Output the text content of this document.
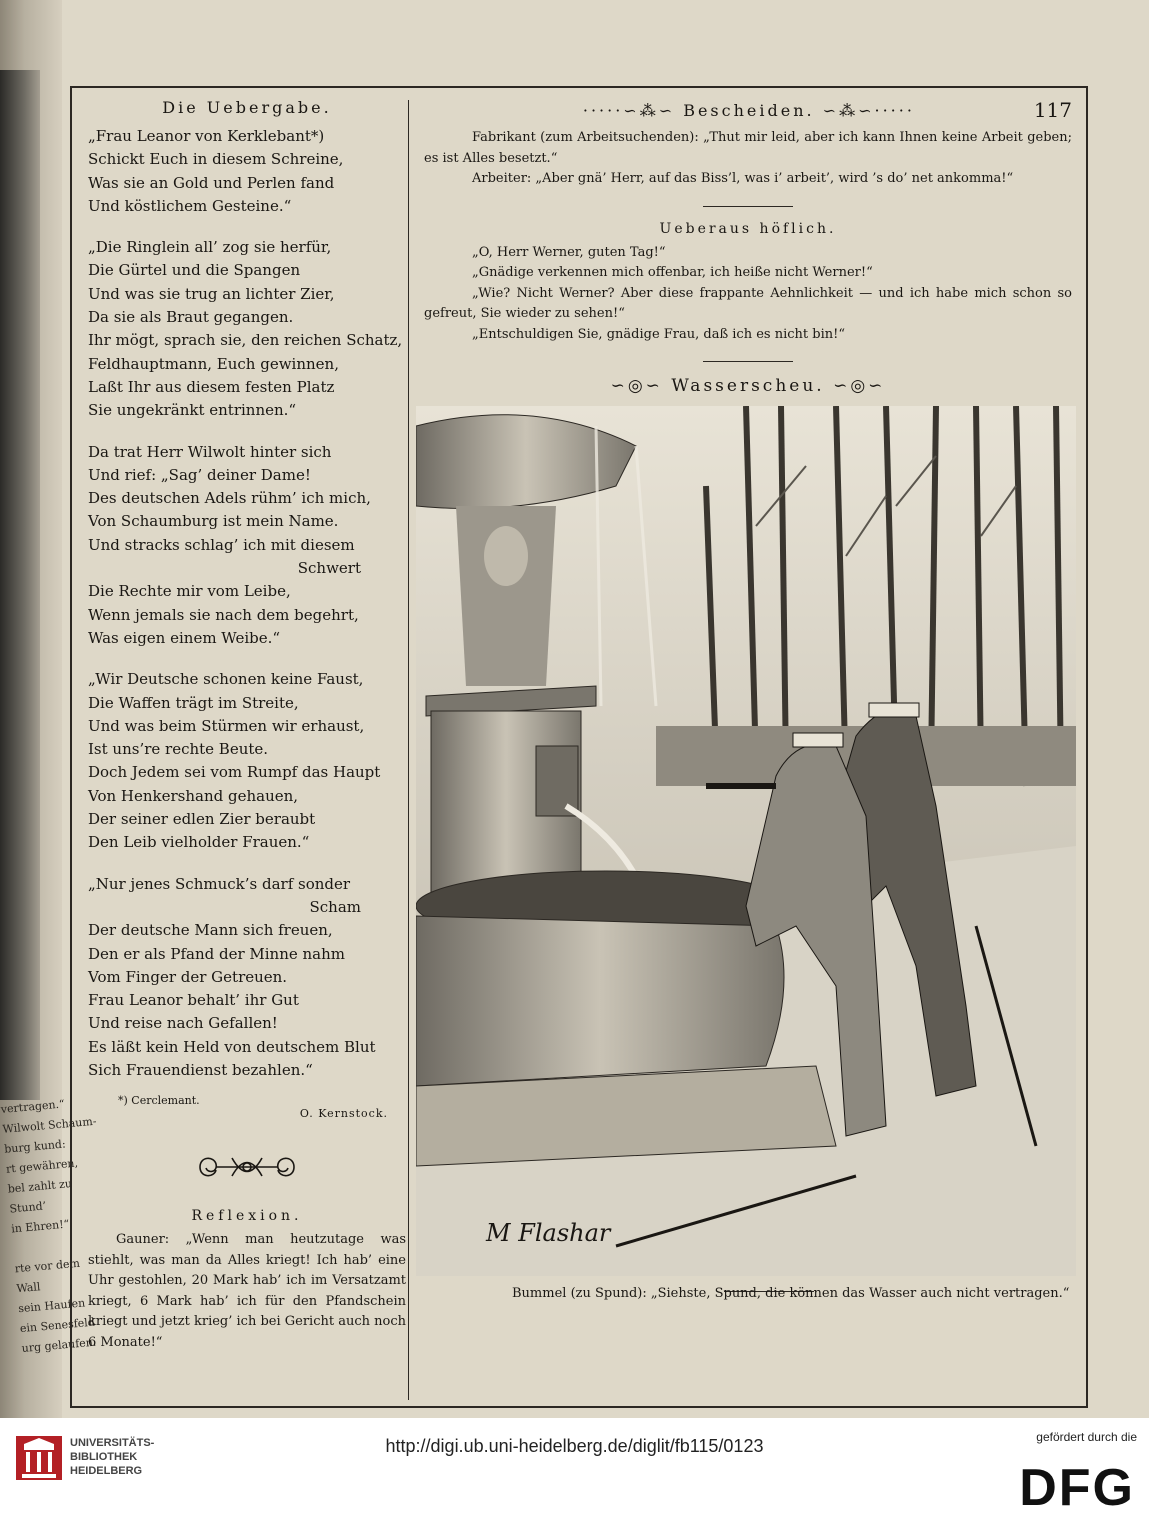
vertragen.“
Wilwolt Schaum-
burg kund:
rt gewähren,
bel zahlt zu
Stund’
in Ehren!“

rte vor dem
Wall
sein Haufen
ein Senesfeld
urg gelaufen.
Die Uebergabe.
„Frau Leanor von Kerklebant*)
Schickt Euch in diesem Schreine,
Was sie an Gold und Perlen fand
Und köstlichem Gesteine.“
„Die Ringlein all’ zog sie herfür,
Die Gürtel und die Spangen
Und was sie trug an lichter Zier,
Da sie als Braut gegangen.
Ihr mögt, sprach sie, den reichen Schatz,
Feldhauptmann, Euch gewinnen,
Laßt Ihr aus diesem festen Platz
Sie ungekränkt entrinnen.“
Da trat Herr Wilwolt hinter sich
Und rief: „Sag’ deiner Dame!
Des deutschen Adels rühm’ ich mich,
Von Schaumburg ist mein Name.
Und stracks schlag’ ich mit diesem
Schwert
Die Rechte mir vom Leibe,
Wenn jemals sie nach dem begehrt,
Was eigen einem Weibe.“
„Wir Deutsche schonen keine Faust,
Die Waffen trägt im Streite,
Und was beim Stürmen wir erhaust,
Ist uns’re rechte Beute.
Doch Jedem sei vom Rumpf das Haupt
Von Henkershand gehauen,
Der seiner edlen Zier beraubt
Den Leib vielholder Frauen.“
„Nur jenes Schmuck’s darf sonder
Scham
Der deutsche Mann sich freuen,
Den er als Pfand der Minne nahm
Vom Finger der Getreuen.
Frau Leanor behalt’ ihr Gut
Und reise nach Gefallen!
Es läßt kein Held von deutschem Blut
Sich Frauendienst bezahlen.“
*) Cerclemant.
O. Kernstock.
Reflexion.
Gauner: „Wenn man heutzutage was stiehlt, was man da Alles kriegt! Ich hab’ eine Uhr gestohlen, 20 Mark hab’ ich im Versatzamt kriegt, 6 Mark hab’ ich für den Pfandschein kriegt und jetzt krieg’ ich bei Gericht auch noch 6 Monate!“
·····∽⁂∽ Bescheiden. ∽⁂∽·····	117
Fabrikant (zum Arbeitsuchenden): „Thut mir leid, aber ich kann Ihnen keine Arbeit geben; es ist Alles besetzt.“
Arbeiter: „Aber gnä’ Herr, auf das Biss’l, was i’ arbeit’, wird ’s do’ net ankomma!“
Ueberaus höflich.
„O, Herr Werner, guten Tag!“
„Gnädige verkennen mich offenbar, ich heiße nicht Werner!“
„Wie? Nicht Werner? Aber diese frappante Aehnlichkeit — und ich habe mich schon so gefreut, Sie wieder zu sehen!“
„Entschuldigen Sie, gnädige Frau, daß ich es nicht bin!“
∽◎∽ Wasserscheu. ∽◎∽
M Flashar
Bummel (zu Spund): „Siehste, Spund, die können das Wasser auch nicht vertragen.“
UNIVERSITÄTS-
BIBLIOTHEK
HEIDELBERG
http://digi.ub.uni-heidelberg.de/diglit/fb115/0123	gefördert durch die
DFG
